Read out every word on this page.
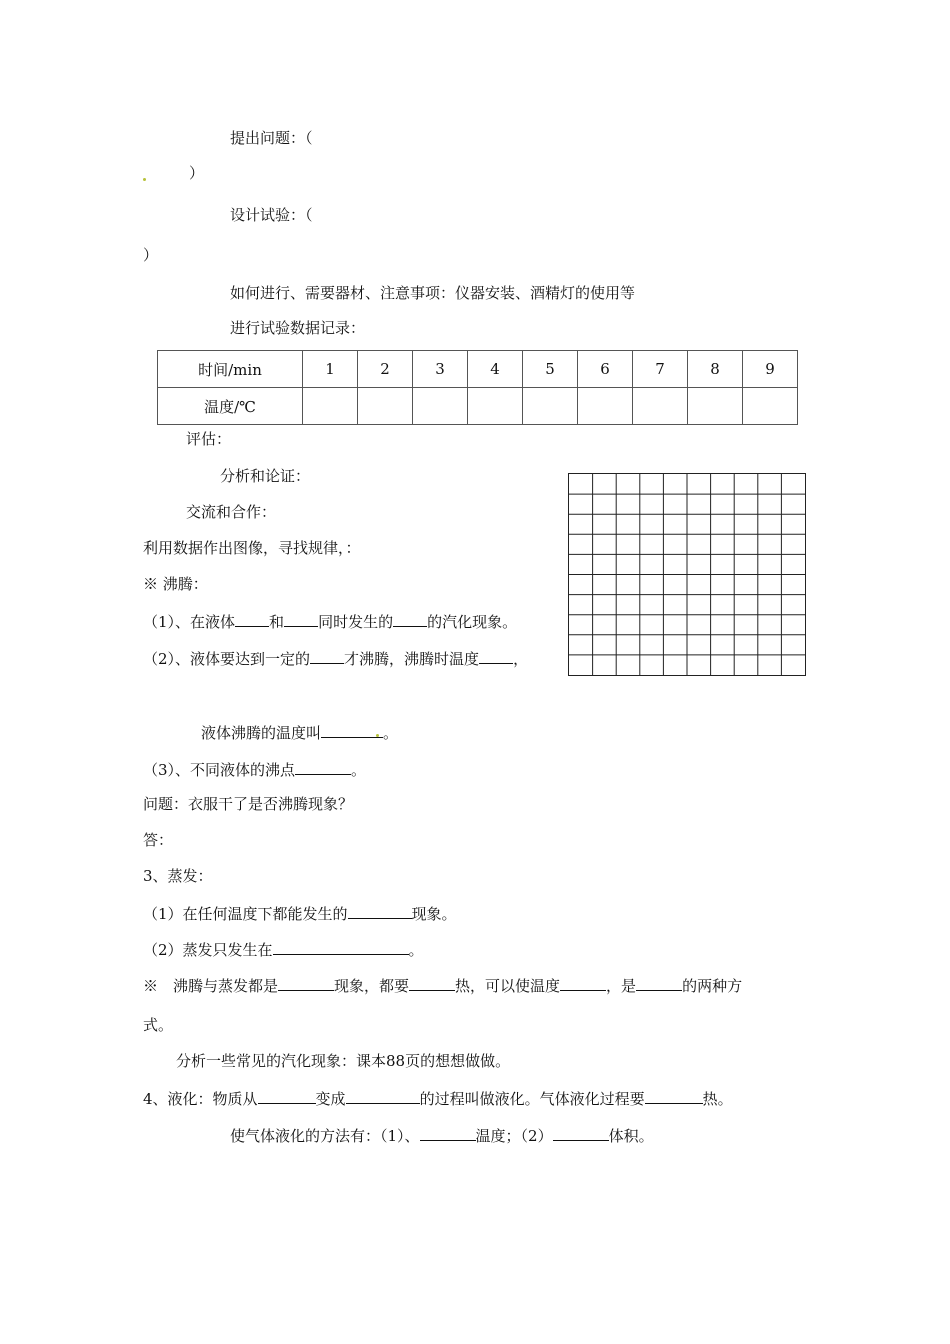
提出问题：（
）
设计试验：（
）
如何进行、需要器材、注意事项：仪器安装、酒精灯的使用等
进行试验数据记录：
时间/min	1	2	3	4	5	6	7	8	9
温度/℃									
评估：
分析和论证：
交流和合作：
利用数据作出图像，寻找规律，：
※ 沸腾：
（1）、在液体 和 同时发生的 的汽化现象。
（2）、液体要达到一定的 才沸腾，沸腾时温度 ，
液体沸腾的温度叫	。
（3）、不同液体的沸点	。
问题：衣服干了是否沸腾现象？
答：
3、蒸发：
（1）在任何温度下都能发生的	现象。
（2）蒸发只发生在	。
※　沸腾与蒸发都是	现象，都要	热，可以使温度	，是	的两种方
式。
分析一些常见的汽化现象：课本88页的想想做做。
4、液化：物质从	变成	的过程叫做液化。气体液化过程要	热。
使气体液化的方法有：（1）、	温度；（2）	体积。
